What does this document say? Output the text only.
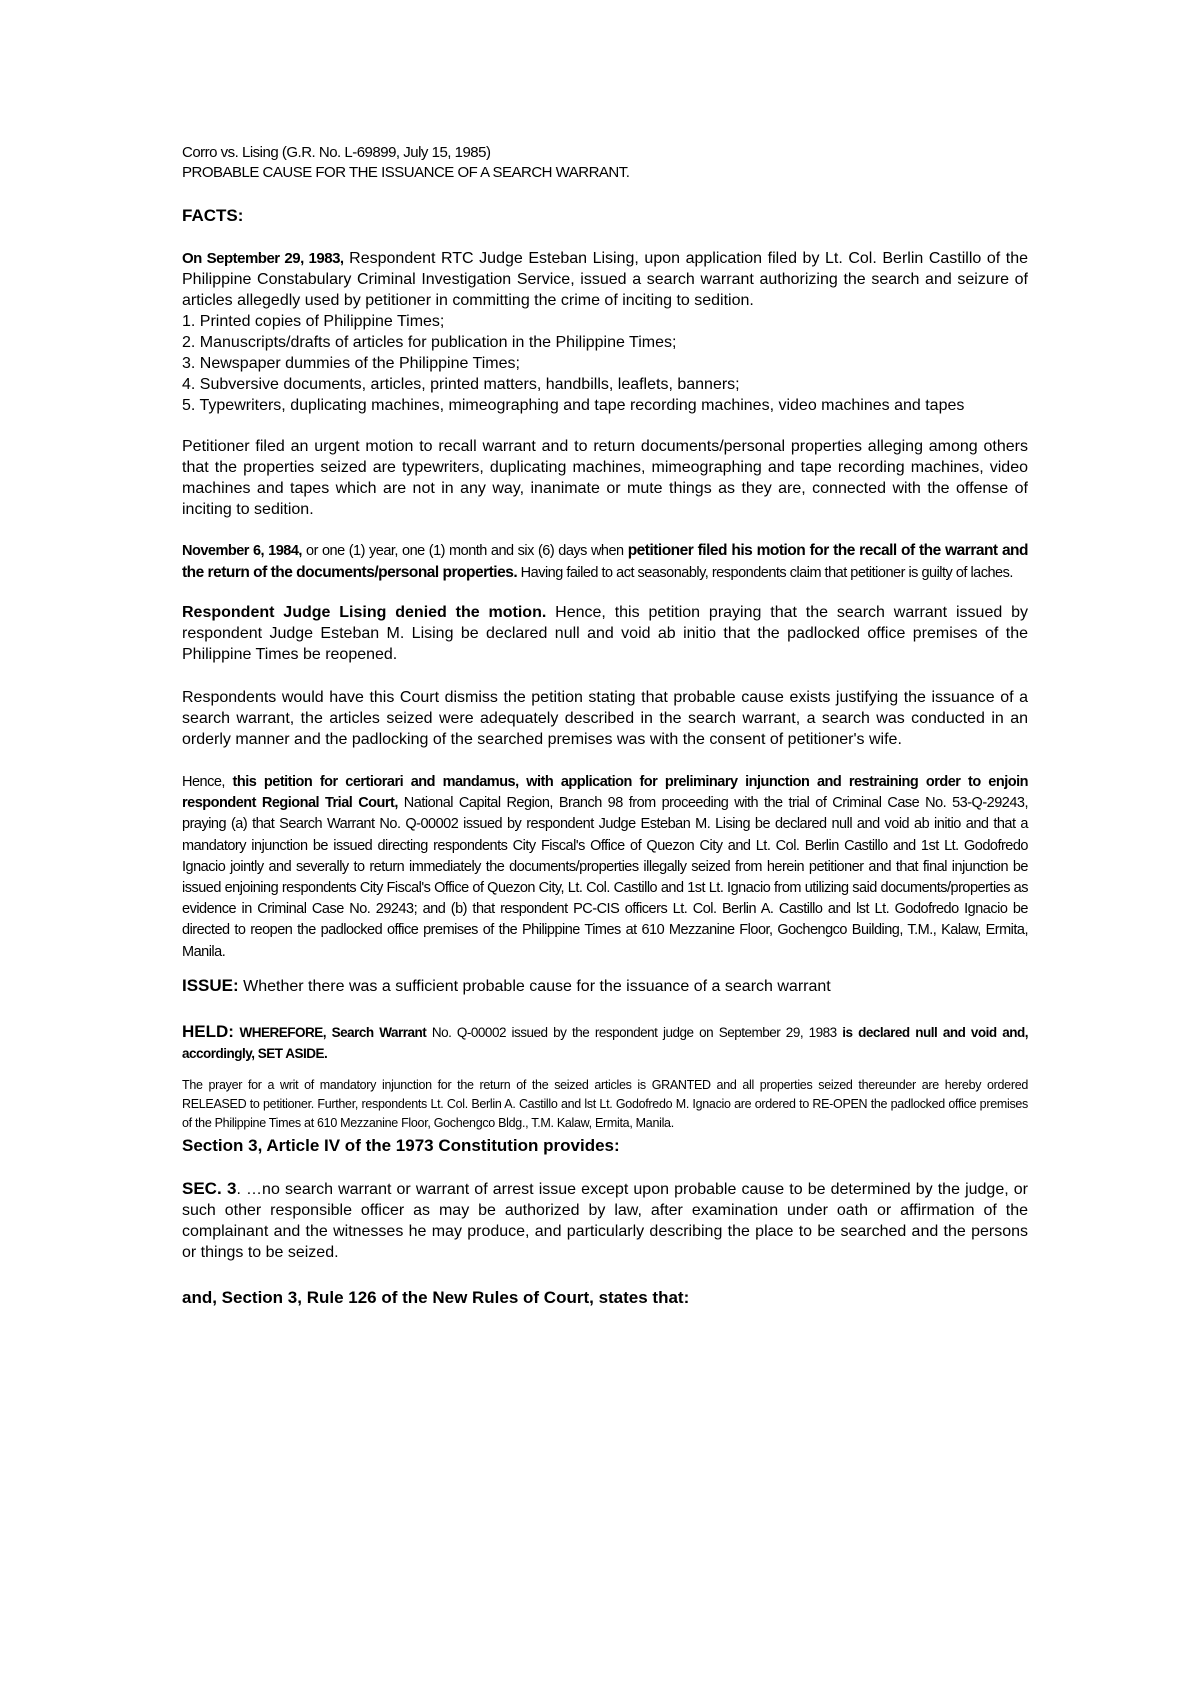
Corro vs. Lising (G.R. No. L-69899, July 15, 1985)

PROBABLE CAUSE FOR THE ISSUANCE OF A SEARCH WARRANT.

FACTS:

On September 29, 1983, Respondent RTC Judge Esteban Lising, upon application filed by Lt. Col. Berlin Castillo of the Philippine Constabulary Criminal Investigation Service, issued a search warrant authorizing the search and seizure of articles allegedly used by petitioner in committing the crime of inciting to sedition.
1. Printed copies of Philippine Times;
2. Manuscripts/drafts of articles for publication in the Philippine Times;
3. Newspaper dummies of the Philippine Times;
4. Subversive documents, articles, printed matters, handbills, leaflets, banners;
5. Typewriters, duplicating machines, mimeographing and tape recording machines, video machines and tapes

Petitioner filed an urgent motion to recall warrant and to return documents/personal properties alleging among others that the properties seized are typewriters, duplicating machines, mimeographing and tape recording machines, video machines and tapes which are not in any way, inanimate or mute things as they are, connected with the offense of inciting to sedition.

November 6, 1984, or one (1) year, one (1) month and six (6) days when petitioner filed his motion for the recall of the warrant and the return of the documents/personal properties. Having failed to act seasonably, respondents claim that petitioner is guilty of laches.
Respondent Judge Lising denied the motion. Hence, this petition praying that the search warrant issued by respondent Judge Esteban M. Lising be declared null and void ab initio that the padlocked office premises of the Philippine Times be reopened.

Respondents would have this Court dismiss the petition stating that probable cause exists justifying the issuance of a search warrant, the articles seized were adequately described in the search warrant, a search was conducted in an orderly manner and the padlocking of the searched premises was with the consent of petitioner's wife.

Hence, this petition for certiorari and mandamus, with application for preliminary injunction and restraining order to enjoin respondent Regional Trial Court, National Capital Region, Branch 98 from proceeding with the trial of Criminal Case No. 53-Q-29243, praying (a) that Search Warrant No. Q-00002 issued by respondent Judge Esteban M. Lising be declared null and void ab initio and that a mandatory injunction be issued directing respondents City Fiscal's Office of Quezon City and Lt. Col. Berlin Castillo and 1st Lt. Godofredo Ignacio jointly and severally to return immediately the documents/properties illegally seized from herein petitioner and that final injunction be issued enjoining respondents City Fiscal's Office of Quezon City, Lt. Col. Castillo and 1st Lt. Ignacio from utilizing said documents/properties as evidence in Criminal Case No. 29243; and (b) that respondent PC-CIS officers Lt. Col. Berlin A. Castillo and lst Lt. Godofredo Ignacio be directed to reopen the padlocked office premises of the Philippine Times at 610 Mezzanine Floor, Gochengco Building, T.M., Kalaw, Ermita, Manila.
ISSUE: Whether there was a sufficient probable cause for the issuance of a search warrant
HELD: WHEREFORE, Search Warrant No. Q-00002 issued by the respondent judge on September 29, 1983 is declared null and void and, accordingly, SET ASIDE.

The prayer for a writ of mandatory injunction for the return of the seized articles is GRANTED and all properties seized thereunder are hereby ordered RELEASED to petitioner. Further, respondents Lt. Col. Berlin A. Castillo and lst Lt. Godofredo M. Ignacio are ordered to RE-OPEN the padlocked office premises of the Philippine Times at 610 Mezzanine Floor, Gochengco Bldg., T.M. Kalaw, Ermita, Manila.

Section 3, Article IV of the 1973 Constitution provides:

SEC. 3. …no search warrant or warrant of arrest issue except upon probable cause to be determined by the judge, or such other responsible officer as may be authorized by law, after examination under oath or affirmation of the complainant and the witnesses he may produce, and particularly describing the place to be searched and the persons or things to be seized.

and, Section 3, Rule 126 of the New Rules of Court, states that:
